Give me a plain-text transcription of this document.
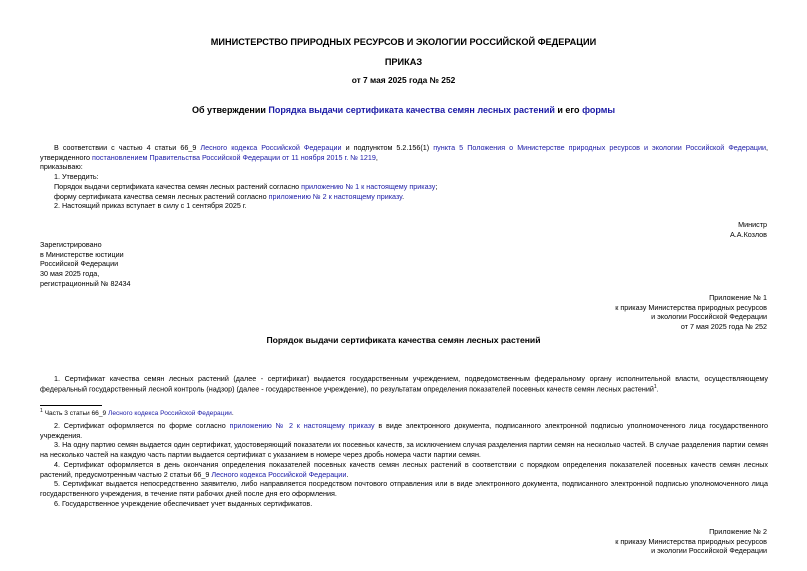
МИНИСТЕРСТВО ПРИРОДНЫХ РЕСУРСОВ И ЭКОЛОГИИ РОССИЙСКОЙ ФЕДЕРАЦИИ
ПРИКАЗ
от 7 мая 2025 года № 252
Об утверждении Порядка выдачи сертификата качества семян лесных растений и его формы

В соответствии с частью 4 статьи 66_9 Лесного кодекса Российской Федерации и подпунктом 5.2.156(1) пункта 5 Положения о Министерстве природных ресурсов и экологии Российской Федерации, утвержденного постановлением Правительства Российской Федерации от 11 ноября 2015 г. № 1219,

приказываю:

1. Утвердить:

Порядок выдачи сертификата качества семян лесных растений согласно приложению № 1 к настоящему приказу;

форму сертификата качества семян лесных растений согласно приложению № 2 к настоящему приказу.

2. Настоящий приказ вступает в силу с 1 сентября 2025 г.

Министр

А.А.Козлов

Зарегистрировано

в Министерстве юстиции

Российской Федерации

30 мая 2025 года,

регистрационный № 82434

Приложение № 1

к приказу Министерства природных ресурсов

и экологии Российской Федерации

от 7 мая 2025 года № 252

Порядок выдачи сертификата качества семян лесных растений

1. Сертификат качества семян лесных растений (далее - сертификат) выдается государственным учреждением, подведомственным федеральному органу исполнительной власти, осуществляющему федеральный государственный лесной контроль (надзор) (далее - государственное учреждение), по результатам определения показателей посевных качеств семян лесных растений$^1$.

$^1$ Часть 3 статьи 66_9 Лесного кодекса Российской Федерации.

2. Сертификат оформляется по форме согласно приложению № 2 к настоящему приказу в виде электронного документа, подписанного электронной подписью уполномоченного лица государственного учреждения.

3. На одну партию семян выдается один сертификат, удостоверяющий показатели их посевных качеств, за исключением случая разделения партии семян на несколько частей. В случае разделения партии семян на несколько частей на каждую часть партии выдается сертификат с указанием в номере через дробь номера части партии семян.

4. Сертификат оформляется в день окончания определения показателей посевных качеств семян лесных растений в соответствии с порядком определения показателей посевных качеств семян лесных растений, предусмотренным частью 2 статьи 66_9 Лесного кодекса Российской Федерации.

5. Сертификат выдается непосредственно заявителю, либо направляется посредством почтового отправления или в виде электронного документа, подписанного электронной подписью уполномоченного лица государственного учреждения, в течение пяти рабочих дней после дня его оформления.

6. Государственное учреждение обеспечивает учет выданных сертификатов.

Приложение № 2

к приказу Министерства природных ресурсов

и экологии Российской Федерации
